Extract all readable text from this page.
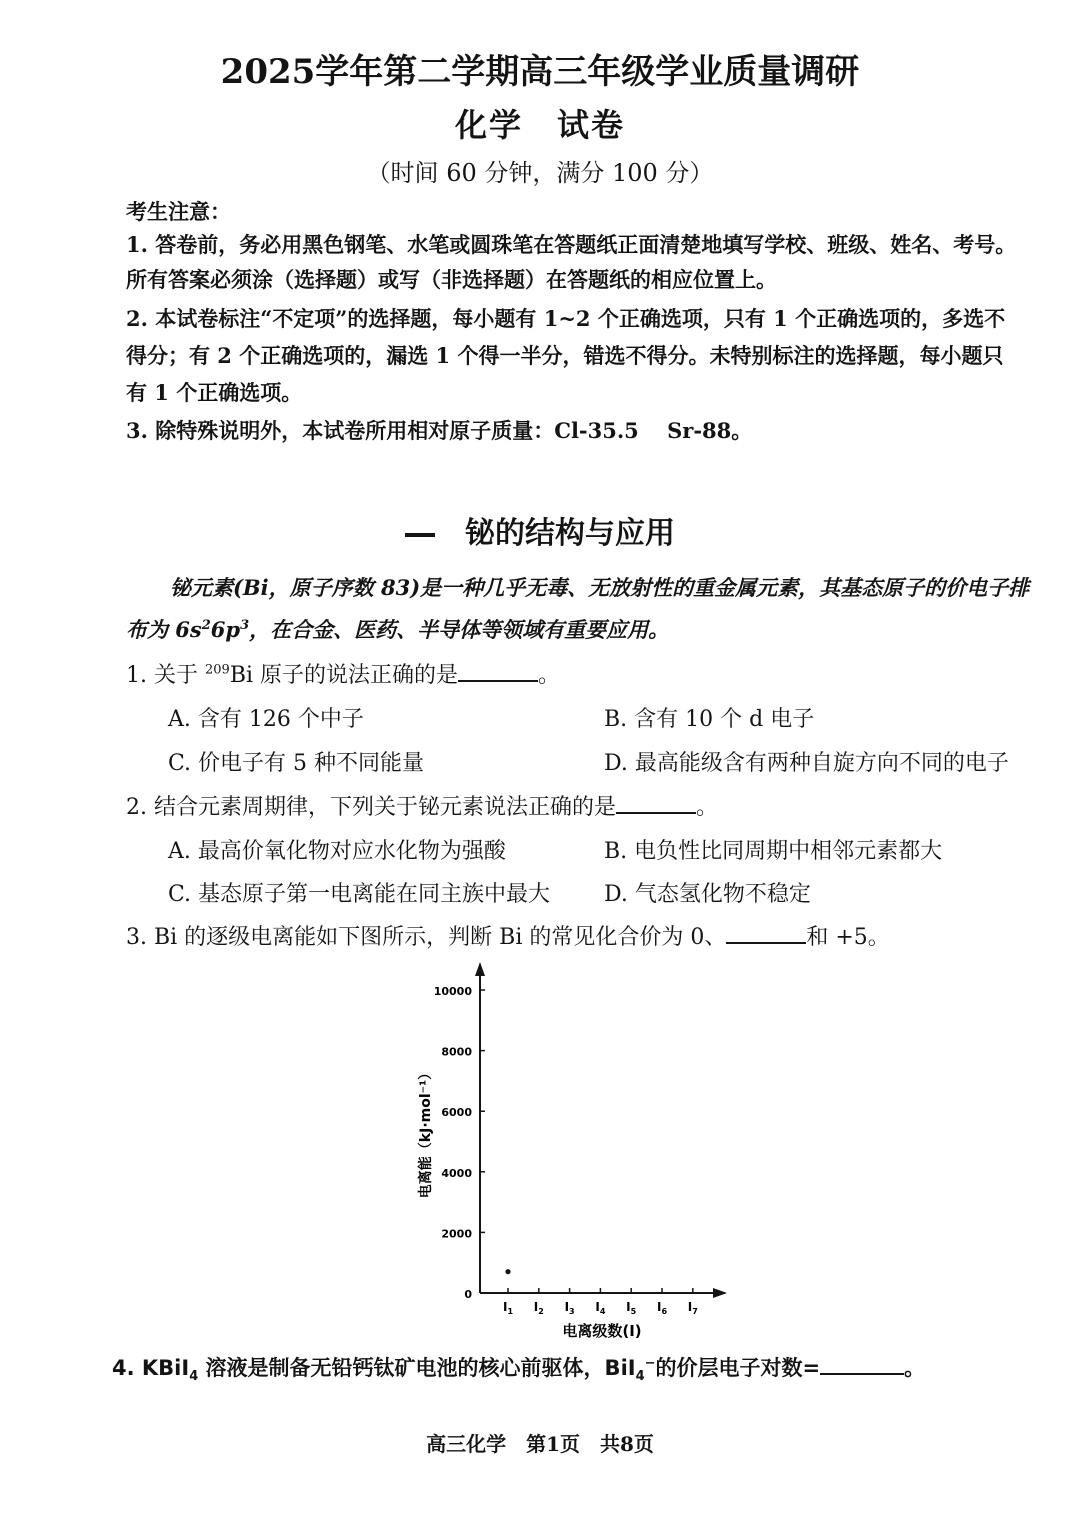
2025学年第二学期高三年级学业质量调研
化学 试卷
（时间 60 分钟，满分 100 分）
考生注意：
1. 答卷前，务必用黑色钢笔、水笔或圆珠笔在答题纸正面清楚地填写学校、班级、姓名、考号。
所有答案必须涂（选择题）或写（非选择题）在答题纸的相应位置上。
2. 本试卷标注“不定项”的选择题，每小题有 1~2 个正确选项，只有 1 个正确选项的，多选不
得分；有 2 个正确选项的，漏选 1 个得一半分，错选不得分。未特别标注的选择题，每小题只
有 1 个正确选项。
3. 除特殊说明外，本试卷所用相对原子质量：Cl-35.5　 Sr-88。
铋的结构与应用
铋元素(Bi，原子序数 83)是一种几乎无毒、无放射性的重金属元素，其基态原子的价电子排
布为 $6s^26p^3$，在合金、医药、半导体等领域有重要应用。
1. 关于 $^{209}$Bi 原子的说法正确的是	。
A. 含有 126 个中子	B. 含有 10 个 d 电子
C. 价电子有 5 种不同能量	D. 最高能级含有两种自旋方向不同的电子
2. 结合元素周期律，下列关于铋元素说法正确的是	。
A. 最高价氧化物对应水化物为强酸	B. 电负性比同周期中相邻元素都大
C. 基态原子第一电离能在同主族中最大 D. 气态氢化物不稳定
3. Bi 的逐级电离能如下图所示，判断 Bi 的常见化合价为 0、	和 +5。
0
2000
4000
6000
8000
10000
$I_1$ $I_2$ $I_3$ $I_4$ $I_5$ $I_6$ $I_7$
电离能（kJ·mol⁻¹）
电离级数(I)
4. KBiI$_4$ 溶液是制备无铅钙钛矿电池的核心前驱体，BiI$_4$−的价层电子对数=	。
高三化学 第1页 共8页
